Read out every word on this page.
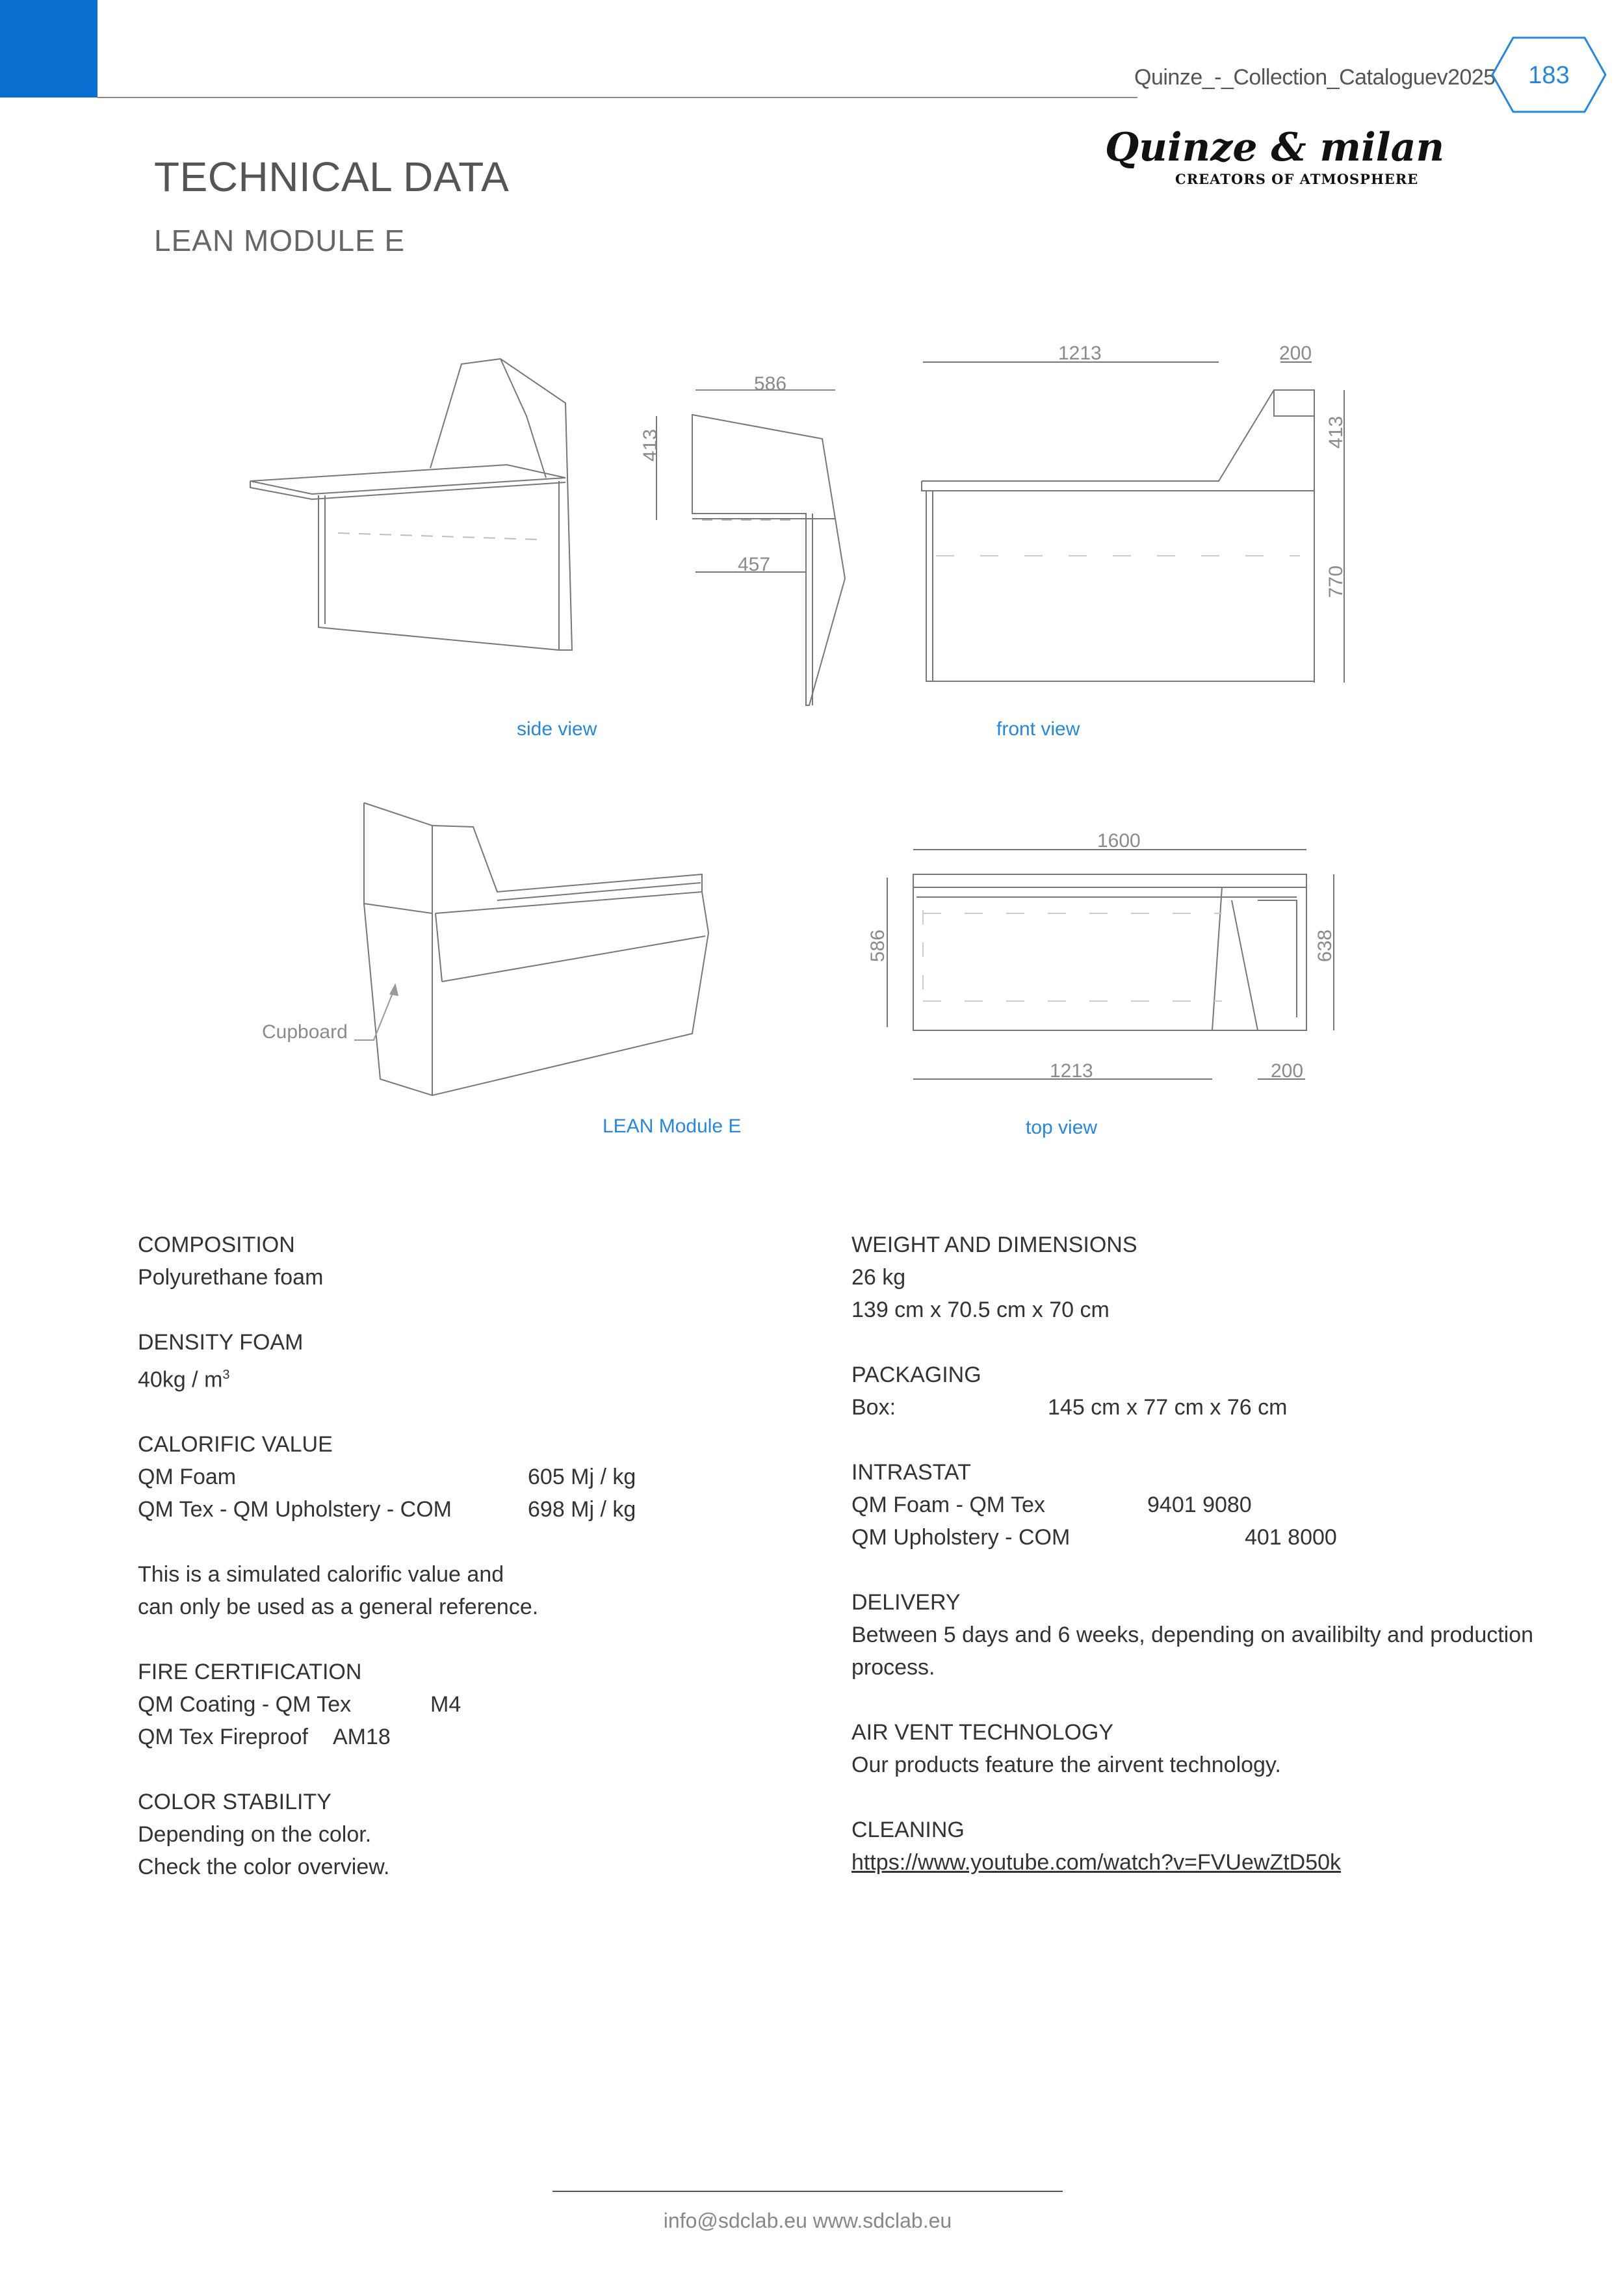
Quinze_-_Collection_Cataloguev2025	183
Quinze & milan
CREATORS OF ATMOSPHERE
TECHNICAL DATA
LEAN MODULE E
586
413
457
1213	200
413
770
1600
586	638
1213	200
Cupboard
side view	front view
LEAN Module E	top view
COMPOSITION
Polyurethane foam
DENSITY FOAM
$40kg / m^3$
CALORIFIC VALUE
QM Foam	605 Mj / kg
QM Tex - QM Upholstery - COM	698 Mj / kg
This is a simulated calorific value and
can only be used as a general reference.
FIRE CERTIFICATION
QM Coating - QM Tex	M4
QM Tex Fireproof	AM18
COLOR STABILITY
Depending on the color.
Check the color overview.
WEIGHT AND DIMENSIONS
26 kg
139 cm x 70.5 cm x 70 cm
PACKAGING
Box:	145 cm x 77 cm x 76 cm
INTRASTAT
QM Foam - QM Tex	9401 9080
QM Upholstery - COM	401 8000
DELIVERY
Between 5 days and 6 weeks, depending on availibilty and production
process.
AIR VENT TECHNOLOGY
Our products feature the airvent technology.
CLEANING
https://www.youtube.com/watch?v=FVUewZtD50k
info@sdclab.eu www.sdclab.eu
